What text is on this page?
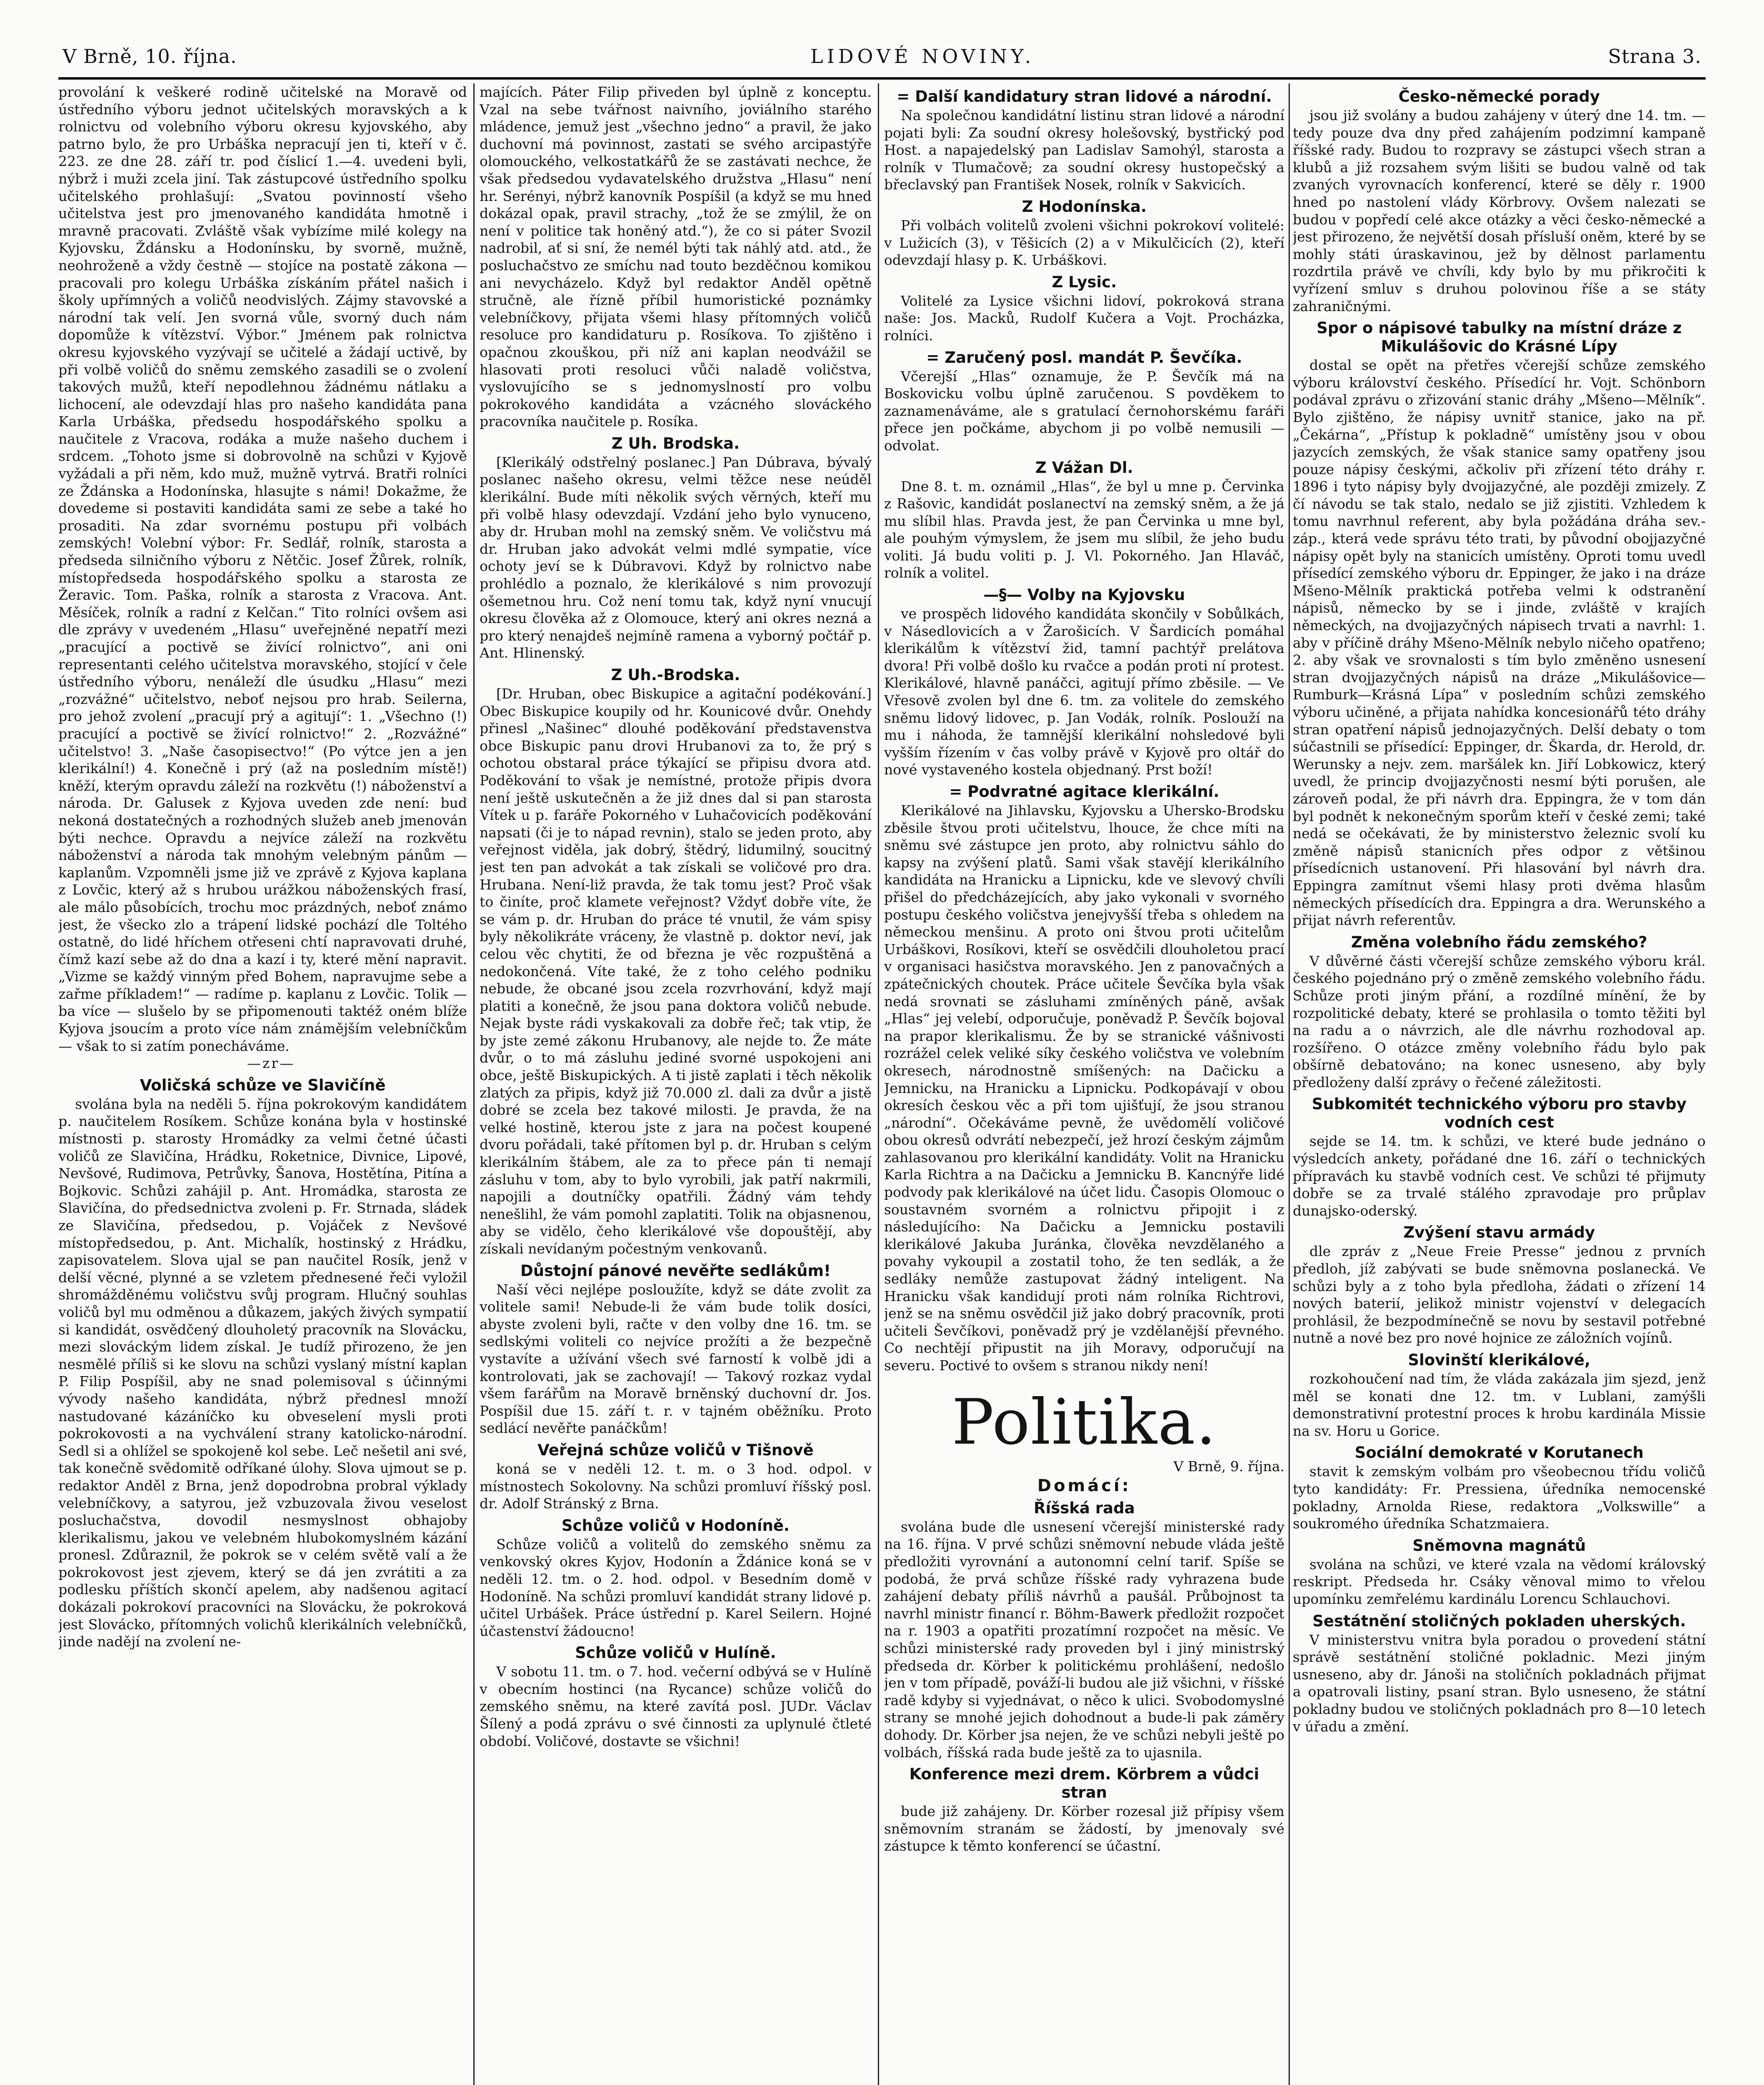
V Brně, 10. října.	LIDOVÉ NOVINY.	Strana 3.

provolání k veškeré rodině učitelské na Moravě od ústředního výboru jednot učitelských moravských a k rolnictvu od volebního výboru okresu kyjovského, aby patrno bylo, že pro Urbáška nepracují jen ti, kteří v č. 223. ze dne 28. září tr. pod číslicí 1.—4. uvedeni byli, nýbrž i muži zcela jiní. Tak zástupcové ústředního spolku učitelského prohlašují: „Svatou povinností všeho učitelstva jest pro jmenovaného kandidáta hmotně i mravně pracovati. Zvláště však vybízíme milé kolegy na Kyjovsku, Ždánsku a Hodonínsku, by svorně, mužně, neohroženě a vždy čestně — stojíce na postatě zákona — pracovali pro kolegu Urbáška získáním přátel našich i školy upřímných a voličů neodvislých. Zájmy stavovské a národní tak velí. Jen svorná vůle, svorný duch nám dopomůže k vítězství. Výbor.“ Jménem pak rolnictva okresu kyjovského vyzývají se učitelé a žádají uctivě, by při volbě voličů do sněmu zemského zasadili se o zvolení takových mužů, kteří nepodlehnou žádnému nátlaku a lichocení, ale odevzdají hlas pro našeho kandidáta pana Karla Urbáška, předsedu hospodářského spolku a naučitele z Vracova, rodáka a muže našeho duchem i srdcem. „Tohoto jsme si dobrovolně na schůzi v Kyjově vyžádali a při něm, kdo muž, mužně vytrvá. Bratři rolníci ze Ždánska a Hodonínska, hlasujte s námi! Dokažme, že dovedeme si postaviti kandidáta sami ze sebe a také ho prosaditi. Na zdar svornému postupu při volbách zemských! Volební výbor: Fr. Sedlář, rolník, starosta a předseda silničního výboru z Nětčic. Josef Žůrek, rolník, místopředseda hospodářského spolku a starosta ze Žeravic. Tom. Paška, rolník a starosta z Vracova. Ant. Měsíček, rolník a radní z Kelčan.“ Tito rolníci ovšem asi dle zprávy v uvedeném „Hlasu“ uveřejněné nepatří mezi „pracující a poctivě se živící rolnictvo“, ani oni representanti celého učitelstva moravského, stojící v čele ústředního výboru, nenáleží dle úsudku „Hlasu“ mezi „rozvážné“ učitelstvo, neboť nejsou pro hrab. Seilerna, pro jehož zvolení „pracují prý a agitují“: 1. „Všechno (!) pracující a poctivě se živící rolnictvo!“ 2. „Rozvážné“ učitelstvo! 3. „Naše časopisectvo!“ (Po výtce jen a jen klerikální!) 4. Konečně i prý (až na posledním místě!) kněží, kterým opravdu záleží na rozkvětu (!) náboženství a národa. Dr. Galusek z Kyjova uveden zde není: buď nekoná dostatečných a rozhodných služeb aneb jmenován býti nechce. Opravdu a nejvíce záleží na rozkvětu náboženství a národa tak mnohým velebným pánům — kaplanům. Vzpomněli jsme již ve zprávě z Kyjova kaplana z Lovčic, který až s hrubou urážkou náboženských frasí, ale málo působících, trochu moc prázdných, neboť známo jest, že všecko zlo a trápení lidské pochází dle Toltého ostatně, do lidé hříchem otřeseni chtí napravovati druhé, čímž kazí sebe až do dna a kazí i ty, které mění napravit. „Vizme se každý vinným před Bohem, napravujme sebe a zařme příkladem!“ — radíme p. kaplanu z Lovčic. Tolik — ba více — slušelo by se připomenouti taktéž oném blíže Kyjova jsoucím a proto více nám známějším velebníčkům — však to si zatím ponecháváme.

—zr—

Voličská schůze ve Slavičíně

svolána byla na neděli 5. října pokrokovým kandidátem p. naučitelem Rosíkem. Schůze konána byla v hostinské místnosti p. starosty Hromádky za velmi četné účasti voličů ze Slavičína, Hrádku, Roketnice, Divnice, Lipové, Nevšové, Rudimova, Petrůvky, Šanova, Hostětína, Pitína a Bojkovic. Schůzi zahájil p. Ant. Hromádka, starosta ze Slavičína, do předsednictva zvoleni p. Fr. Strnada, sládek ze Slavičína, předsedou, p. Vojáček z Nevšové místopředsedou, p. Ant. Michalík, hostinský z Hrádku, zapisovatelem. Slova ujal se pan naučitel Rosík, jenž v delší věcné, plynné a se vzletem přednesené řeči vyložil shromážděnému voličstvu svůj program. Hlučný souhlas voličů byl mu odměnou a důkazem, jakých živých sympatií si kandidát, osvědčený dlouholetý pracovník na Slovácku, mezi slováckým lidem získal. Je tudíž přirozeno, že jen nesmělé příliš si ke slovu na schůzi vyslaný místní kaplan P. Filip Pospíšil, aby ne snad polemisoval s účinnými vývody našeho kandidáta, nýbrž přednesl množí nastudované kázáníčko ku obveselení mysli proti pokrokovosti a na vychválení strany katolicko-národní. Sedl si a ohlížel se spokojeně kol sebe. Leč nešetil ani své, tak konečně svědomitě odříkané úlohy. Slova ujmout se p. redaktor Anděl z Brna, jenž dopodrobna probral výklady velebníčkovy, a satyrou, jež vzbuzovala živou veselost posluchačstva, dovodil nesmyslnost obhajoby klerikalismu, jakou ve velebném hlubokomyslném kázání pronesl. Zdůraznil, že pokrok se v celém světě valí a že pokrokovost jest zjevem, který se dá jen zvrátiti a za podlesku příštích skončí apelem, aby nadšenou agitací dokázali pokrokoví pracovníci na Slovácku, že pokroková jest Slovácko, přítomných volichů klerikálních velebníčků, jinde nadějí na zvolení ne-

majících. Páter Filip přiveden byl úplně z konceptu. Vzal na sebe tvářnost naivního, joviálního starého mládence, jemuž jest „všechno jedno“ a pravil, že jako duchovní má povinnost, zastati se svého arcipastýře olomouckého, velkostatkářů že se zastávati nechce, že však předsedou vydavatelského družstva „Hlasu“ není hr. Serényi, nýbrž kanovník Pospíšil (a když se mu hned dokázal opak, pravil strachy, „tož že se zmýlil, že on není v politice tak honěný atd.“), že co si páter Svozil nadrobil, ať si sní, že nemél býti tak náhlý atd. atd., že posluchačstvo ze smíchu nad touto bezděčnou komikou ani nevycházelo. Když byl redaktor Anděl opětně stručně, ale řízně příbil humoristické poznámky velebníčkovy, přijata všemi hlasy přítomných voličů resoluce pro kandidaturu p. Rosíkova. To zjištěno i opačnou zkouškou, při níž ani kaplan neodvážil se hlasovati proti resoluci vůči naladě voličstva, vyslovujícího se s jednomyslností pro volbu pokrokového kandidáta a vzácného slováckého pracovníka naučitele p. Rosíka.

Z Uh. Brodska.

[Klerikálý odstřelný poslanec.] Pan Dúbrava, bývalý poslanec našeho okresu, velmi těžce nese neúděl klerikální. Bude míti několik svých věrných, kteří mu při volbě hlasy odevzdají. Vzdání jeho bylo vynuceno, aby dr. Hruban mohl na zemský sněm. Ve voličstvu má dr. Hruban jako advokát velmi mdlé sympatie, více ochoty jeví se k Dúbravovi. Když by rolnictvo nabe prohlédlo a poznalo, že klerikálové s nim provozují ošemetnou hru. Což není tomu tak, když nyní vnucují okresu člověka až z Olomouce, který ani okres nezná a pro který nenajdeš nejmíně ramena a vyborný počtář p. Ant. Hlinenský.

Z Uh.-Brodska.

[Dr. Hruban, obec Biskupice a agitační podékování.] Obec Biskupice koupily od hr. Kounicové dvůr. Onehdy přinesl „Našinec“ dlouhé poděkování představenstva obce Biskupic panu drovi Hrubanovi za to, že prý s ochotou obstaral práce týkající se připisu dvora atd. Poděkování to však je nemístné, protože připis dvora není ještě uskutečněn a že již dnes dal si pan starosta Vítek u p. faráře Pokorného v Luhačovicích poděkování napsati (či je to nápad revnin), stalo se jeden proto, aby veřejnost viděla, jak dobrý, štědrý, lidumilný, soucitný jest ten pan advokát a tak získali se voličové pro dra. Hrubana. Není-liž pravda, že tak tomu jest? Proč však to činíte, proč klamete veřejnost? Vždyť dobře víte, že se vám p. dr. Hruban do práce té vnutil, že vám spisy byly několikráte vráceny, že vlastně p. doktor neví, jak celou věc chytiti, že od března je věc rozpuštěná a nedokončená. Víte také, že z toho celého podniku nebude, že obcané jsou zcela rozvrhování, když mají platiti a konečně, že jsou pana doktora voličů nebude. Nejak byste rádi vyskakovali za dobře řeč; tak vtip, že by jste zemé zákonu Hrubanovy, ale nejde to. Že máte dvůr, o to má zásluhu jediné svorné uspokojeni ani obce, ještě Biskupických. A ti jistě zaplati i těch několik zlatých za připis, když již 70.000 zl. dali za dvůr a jistě dobré se zcela bez takové milosti. Je pravda, že na velké hostině, kterou jste z jara na počest koupené dvoru pořádali, také přítomen byl p. dr. Hruban s celým klerikálním štábem, ale za to přece pán ti nemají zásluhu v tom, aby to bylo vyrobili, jak patří nakrmili, napojili a doutníčky opatřili. Žádný vám tehdy nenešlihl, že vám pomohl zaplatiti. Tolik na objasnenou, aby se vidělo, čeho klerikálové vše dopouštějí, aby získali nevídaným počestným venkovanů.

Důstojní pánové nevěřte sedlákům!

Naší věci nejlépe posloužíte, když se dáte zvolit za volitele sami! Nebude-li že vám bude tolik dosíci, abyste zvoleni byli, račte v den volby dne 16. tm. se sedlskými voliteli co nejvíce prožíti a že bezpečně vystavíte a užívání všech své farností k volbě jdi a kontrolovati, jak se zachovají! — Takový rozkaz vydal všem farářům na Moravě brněnský duchovní dr. Jos. Pospíšil due 15. září t. r. v tajném oběžníku. Proto sedlácí nevěřte panáčkům!

Veřejná schůze voličů v Tišnově

koná se v neděli 12. t. m. o 3 hod. odpol. v místnostech Sokolovny. Na schůzi promluví říšský posl. dr. Adolf Stránský z Brna.

Schůze voličů v Hodoníně.

Schůze voličů a volitelů do zemského sněmu za venkovský okres Kyjov, Hodonín a Ždánice koná se v neděli 12. tm. o 2. hod. odpol. v Besedním domě v Hodoníně. Na schůzi promluví kandidát strany lidové p. učitel Urbášek. Práce ústřední p. Karel Seilern. Hojné účastenství žádoucno!

Schůze voličů v Hulíně.

V sobotu 11. tm. o 7. hod. večerní odbývá se v Hulíně v obecním hostinci (na Rycance) schůze voličů do zemského sněmu, na které zavítá posl. JUDr. Václav Šílený a podá zprávu o své činnosti za uplynulé čtleté období. Voličové, dostavte se všichni!

= Další kandidatury stran lidové a národní.

Na společnou kandidátní listinu stran lidové a národní pojati byli: Za soudní okresy holešovský, bystřický pod Host. a napajedelský pan Ladislav Samohýl, starosta a rolník v Tlumačově; za soudní okresy hustopečský a břeclavský pan František Nosek, rolník v Sakvicích.

Z Hodonínska.

Při volbách volitelů zvoleni všichni pokrokoví volitelé: v Lužicích (3), v Těšicích (2) a v Mikulčicích (2), kteří odevzdají hlasy p. K. Urbáškovi.

Z Lysic.

Volitelé za Lysice všichni lidoví, pokroková strana naše: Jos. Macků, Rudolf Kučera a Vojt. Procházka, rolníci.

= Zaručený posl. mandát P. Ševčíka.

Včerejší „Hlas“ oznamuje, že P. Ševčík má na Boskovicku volbu úplně zaručenou. S povděkem to zaznamenáváme, ale s gratulací černohorskému faráři přece jen počkáme, abychom ji po volbě nemusili — odvolat.

Z Vážan Dl.

Dne 8. t. m. oznámil „Hlas“, že byl u mne p. Červinka z Rašovic, kandidát poslanectví na zemský sněm, a že já mu slíbil hlas. Pravda jest, že pan Červinka u mne byl, ale pouhým výmyslem, že jsem mu slíbil, že jeho budu voliti. Já budu voliti p. J. Vl. Pokorného. Jan Hlaváč, rolník a volitel.

—§— Volby na Kyjovsku

ve prospěch lidového kandidáta skončily v Sobůlkách, v Násedlovicích a v Žarošicích. V Šardicích pomáhal klerikálům k vítězství žid, tamní pachtýř prelátova dvora! Při volbě došlo ku rvačce a podán proti ní protest. Klerikálové, hlavně panáčci, agitují přímo zběsile. — Ve Vřesově zvolen byl dne 6. tm. za volitele do zemského sněmu lidový lidovec, p. Jan Vodák, rolník. Poslouží na mu i náhoda, že tamnější klerikální nohsledové byli vyšším řízením v čas volby právě v Kyjově pro oltář do nové vystaveného kostela objednaný. Prst boží!

= Podvratné agitace klerikální.

Klerikálové na Jihlavsku, Kyjovsku a Uhersko-Brodsku zběsile štvou proti učitelstvu, lhouce, že chce míti na sněmu své zástupce jen proto, aby rolnictvu sáhlo do kapsy na zvýšení platů. Sami však stavějí klerikálního kandidáta na Hranicku a Lipnicku, kde ve slevový chvíli přišel do předcházejících, aby jako vykonali v svorného postupu českého voličstva jenejvyšší třeba s ohledem na německou menšinu. A proto oni štvou proti učitelům Urbáškovi, Rosíkovi, kteří se osvědčili dlouholetou prací v organisaci hasičstva moravského. Jen z panovačných a zpátečnických choutek. Práce učitele Ševčíka byla však nedá srovnati se zásluhami zmíněných páně, avšak „Hlas“ jej velebí, odporučuje, poněvadž P. Ševčík bojoval na prapor klerikalismu. Že by se stranické vášnivosti rozrážel celek veliké síky českého voličstva ve volebním okresech, národnostně smíšených: na Dačicku a Jemnicku, na Hranicku a Lipnicku. Podkopávají v obou okresích českou věc a při tom ujišťují, že jsou stranou „národní“. Očekáváme pevně, že uvědomělí voličové obou okresů odvrátí nebezpečí, jež hrozí českým zájmům zahlasovanou pro klerikální kandidáty. Volit na Hranicku Karla Richtra a na Dačicku a Jemnicku B. Kancnýře lidé podvody pak klerikálové na účet lidu. Časopis Olomouc o soustavném svorném a rolnictvu připojit i z následujícího: Na Dačicku a Jemnicku postavili klerikálové Jakuba Juránka, člověka nevzdělaného a povahy vykoupil a zostatil toho, že ten sedlák, a že sedláky nemůže zastupovat žádný inteligent. Na Hranicku však kandidují proti nám rolníka Richtrovi, jenž se na sněmu osvědčil již jako dobrý pracovník, proti učiteli Ševčíkovi, poněvadž prý je vzdělanější převného. Co nechtějí připustit na jih Moravy, odporučují na severu. Poctivé to ovšem s stranou nikdy není!

Politika.

V Brně, 9. října.

Domácí:
Říšská rada

svolána bude dle usnesení včerejší ministerské rady na 16. října. V prvé schůzi sněmovní nebude vláda ještě předložiti vyrovnání a autonomní celní tarif. Spíše se podobá, že prvá schůze říšské rady vyhrazena bude zahájení debaty příliš návrhů a paušál. Průbojnost ta navrhl ministr financí r. Böhm-Bawerk předložit rozpočet na r. 1903 a opatřiti prozatímní rozpočet na měsíc. Ve schůzi ministerské rady proveden byl i jiný ministrský předseda dr. Körber k politickému prohlášení, nedošlo jen v tom případě, pováží-li budou ale již všichni, v říšské radě kdyby si vyjednávat, o něco k ulici. Svobodomyslné strany se mnohé jejich dohodnout a bude-li pak záměry dohody. Dr. Körber jsa nejen, že ve schůzi nebyli ještě po volbách, říšská rada bude ještě za to ujasnila.

Konference mezi drem. Körbrem a vůdci stran

bude již zahájeny. Dr. Körber rozesal již přípisy všem sněmovním stranám se žádostí, by jmenovaly své zástupce k těmto konferencí se účastní.

Česko-německé porady

jsou již svolány a budou zahájeny v úterý dne 14. tm. — tedy pouze dva dny před zahájením podzimní kampaně říšské rady. Budou to rozpravy se zástupci všech stran a klubů a již rozsahem svým lišiti se budou valně od tak zvaných vyrovnacích konferencí, které se děly r. 1900 hned po nastolení vlády Körbrovy. Ovšem nalezati se budou v popředí celé akce otázky a věci česko-německé a jest přirozeno, že největší dosah přísluší oněm, které by se mohly státi úraskavinou, jež by dělnost parlamentu rozdrtila právě ve chvíli, kdy bylo by mu přikročiti k vyřízení smluv s druhou polovinou říše a se státy zahraničnými.

Spor o nápisové tabulky na místní dráze z Mikulášovic do Krásné Lípy

dostal se opět na přetřes včerejší schůze zemského výboru království českého. Přísedící hr. Vojt. Schönborn podával zprávu o zřizování stanic dráhy „Mšeno—Mělník“. Bylo zjištěno, že nápisy uvnitř stanice, jako na př. „Čekárna“, „Přístup k pokladně“ umístěny jsou v obou jazycích zemských, že však stanice samy opatřeny jsou pouze nápisy českými, ačkoliv při zřízení této dráhy r. 1896 i tyto nápisy byly dvojjazyčné, ale později zmizely. Z čí návodu se tak stalo, nedalo se již zjistiti. Vzhledem k tomu navrhnul referent, aby byla požádána dráha sev.-záp., která vede správu této trati, by původní obojjazyčné nápisy opět byly na stanicích umístěny. Oproti tomu uvedl přísedící zemského výboru dr. Eppinger, že jako i na dráze Mšeno-Mělník praktická potřeba velmi k odstranění nápisů, německo by se i jinde, zvláště v krajích německých, na dvojjazyčných nápisech trvati a navrhl: 1. aby v příčině dráhy Mšeno-Mělník nebylo ničeho opatřeno; 2. aby však ve srovnalosti s tím bylo změněno usnesení stran dvojjazyčných nápisů na dráze „Mikulášovice—Rumburk—Krásná Lípa“ v posledním schůzi zemského výboru učiněné, a přijata nahídka koncesionářů této dráhy stran opatření nápisů jednojazyčných. Delší debaty o tom súčastnili se přísedící: Eppinger, dr. Škarda, dr. Herold, dr. Werunsky a nejv. zem. maršálek kn. Jiří Lobkowicz, který uvedl, že princip dvojjazyčnosti nesmí býti porušen, ale zároveň podal, že při návrh dra. Eppingra, že v tom dán byl podnět k nekonečným sporům kteří v české zemi; také nedá se očekávati, že by ministerstvo železnic svolí ku změně nápisů stanicních přes odpor z většinou přísedícnich ustanovení. Při hlasování byl návrh dra. Eppingra zamítnut všemi hlasy proti dvěma hlasům německých přísedících dra. Eppingra a dra. Werunského a přijat návrh referentův.

Změna volebního řádu zemského?

V důvěrné části včerejší schůze zemského výboru král. českého pojednáno prý o změně zemského volebního řádu. Schůze proti jiným přání, a rozdílné mínění, že by rozpolitické debaty, které se prohlasila o tomto těžiti byl na radu a o návrzich, ale dle návrhu rozhodoval ap. rozšířeno. O otázce změny volebního řádu bylo pak obšírně debatováno; na konec usneseno, aby byly předloženy další zprávy o řečené záležitosti.

Subkomitét technického výboru pro stavby vodních cest

sejde se 14. tm. k schůzi, ve které bude jednáno o výsledcích ankety, pořádané dne 16. září o technických přípravách ku stavbě vodních cest. Ve schůzi té přijmuty dobře se za trvalé stálého zpravodaje pro průplav dunajsko-oderský.

Zvýšení stavu armády

dle zpráv z „Neue Freie Presse“ jednou z prvních předloh, jíž zabývati se bude sněmovna poslanecká. Ve schůzi byly a z toho byla předloha, žádati o zřízení 14 nových baterií, jelikož ministr vojenství v delegacích prohlásil, že bezpodmínečně se novu by sestavil potřebné nutně a nové bez pro nové hojnice ze záložních vojínů.

Slovinští klerikálové,

rozkohoučení nad tím, že vláda zakázala jim sjezd, jenž měl se konati dne 12. tm. v Lublani, zamýšli demonstrativní protestní proces k hrobu kardinála Missie na sv. Horu u Gorice.

Sociální demokraté v Korutanech

stavit k zemským volbám pro všeobecnou třídu voličů tyto kandidáty: Fr. Pressiena, úředníka nemocenské pokladny, Arnolda Riese, redaktora „Volkswille“ a soukromého úředníka Schatzmaiera.

Sněmovna magnátů

svolána na schůzi, ve které vzala na vědomí královský reskript. Předseda hr. Csáky věnoval mimo to vřelou upomínku zemřelému kardinálu Lorencu Schlauchovi.

Sestátnění stoličných pokladen uherských.

V ministerstvu vnitra byla poradou o provedení státní správě sestátnění stoličné pokladnic. Mezi jiným usneseno, aby dr. Jánoši na stoličních pokladnách přijmat a opatrovali listiny, psaní stran. Bylo usneseno, že státní pokladny budou ve stoličných pokladnách pro 8—10 letech v úřadu a změní.
